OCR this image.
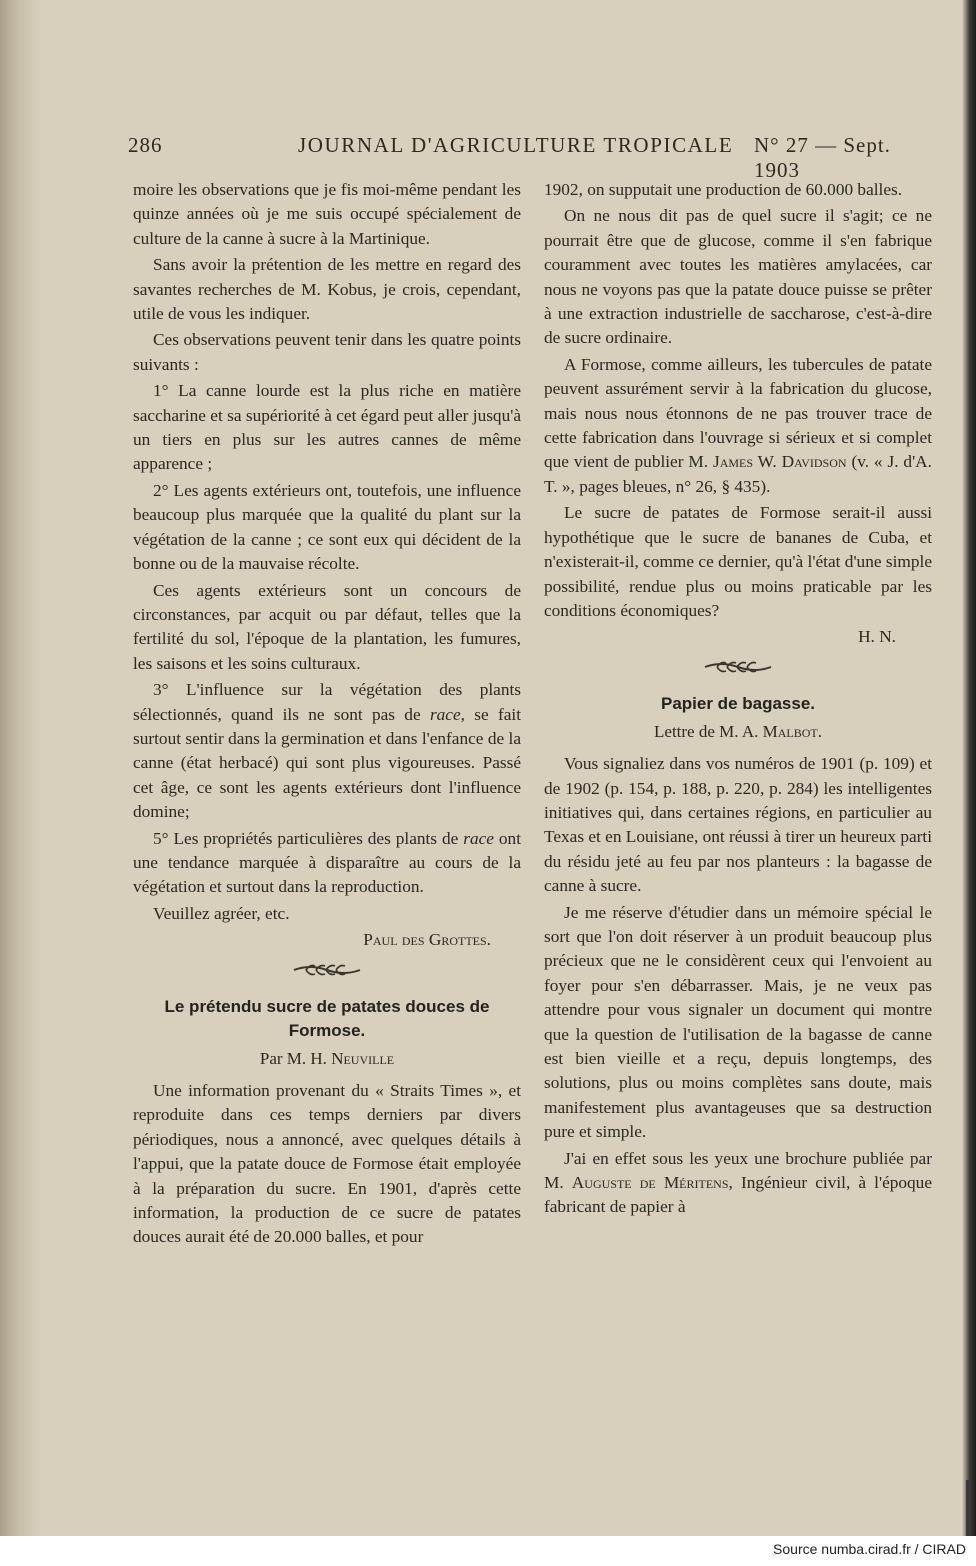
286	JOURNAL D'AGRICULTURE TROPICALE N° 27 — Sept. 1903

moire les observations que je fis moi-même pendant les quinze années où je me suis occupé spécialement de culture de la canne à sucre à la Martinique.

Sans avoir la prétention de les mettre en regard des savantes recherches de M. Kobus, je crois, cependant, utile de vous les indiquer.

Ces observations peuvent tenir dans les quatre points suivants :

1° La canne lourde est la plus riche en matière saccharine et sa supériorité à cet égard peut aller jusqu'à un tiers en plus sur les autres cannes de même apparence ;

2° Les agents extérieurs ont, toutefois, une influence beaucoup plus marquée que la qualité du plant sur la végétation de la canne ; ce sont eux qui décident de la bonne ou de la mauvaise récolte.

Ces agents extérieurs sont un concours de circonstances, par acquit ou par défaut, telles que la fertilité du sol, l'époque de la plantation, les fumures, les saisons et les soins culturaux.

3° L'influence sur la végétation des plants sélectionnés, quand ils ne sont pas de race, se fait surtout sentir dans la germination et dans l'enfance de la canne (état herbacé) qui sont plus vigoureuses. Passé cet âge, ce sont les agents extérieurs dont l'influence domine;

5° Les propriétés particulières des plants de race ont une tendance marquée à disparaître au cours de la végétation et surtout dans la reproduction.

Veuillez agréer, etc.

Paul des Grottes.

Le prétendu sucre de patates douces de Formose.
Par M. H. Neuville

Une information provenant du « Straits Times », et reproduite dans ces temps derniers par divers périodiques, nous a annoncé, avec quelques détails à l'appui, que la patate douce de Formose était employée à la préparation du sucre. En 1901, d'après cette information, la production de ce sucre de patates douces aurait été de 20.000 balles, et pour

1902, on supputait une production de 60.000 balles.

On ne nous dit pas de quel sucre il s'agit; ce ne pourrait être que de glucose, comme il s'en fabrique couramment avec toutes les matières amylacées, car nous ne voyons pas que la patate douce puisse se prêter à une extraction industrielle de saccharose, c'est-à-dire de sucre ordinaire.

A Formose, comme ailleurs, les tubercules de patate peuvent assurément servir à la fabrication du glucose, mais nous nous étonnons de ne pas trouver trace de cette fabrication dans l'ouvrage si sérieux et si complet que vient de publier M. James W. Davidson (v. « J. d'A. T. », pages bleues, n° 26, § 435).

Le sucre de patates de Formose serait-il aussi hypothétique que le sucre de bananes de Cuba, et n'existerait-il, comme ce dernier, qu'à l'état d'une simple possibilité, rendue plus ou moins praticable par les conditions économiques?

H. N.

Papier de bagasse.
Lettre de M. A. Malbot.

Vous signaliez dans vos numéros de 1901 (p. 109) et de 1902 (p. 154, p. 188, p. 220, p. 284) les intelligentes initiatives qui, dans certaines régions, en particulier au Texas et en Louisiane, ont réussi à tirer un heureux parti du résidu jeté au feu par nos planteurs : la bagasse de canne à sucre.

Je me réserve d'étudier dans un mémoire spécial le sort que l'on doit réserver à un produit beaucoup plus précieux que ne le considèrent ceux qui l'envoient au foyer pour s'en débarrasser. Mais, je ne veux pas attendre pour vous signaler un document qui montre que la question de l'utilisation de la bagasse de canne est bien vieille et a reçu, depuis longtemps, des solutions, plus ou moins complètes sans doute, mais manifestement plus avantageuses que sa destruction pure et simple.

J'ai en effet sous les yeux une brochure publiée par M. Auguste de Méritens, Ingénieur civil, à l'époque fabricant de papier à

Source numba.cirad.fr / CIRAD
